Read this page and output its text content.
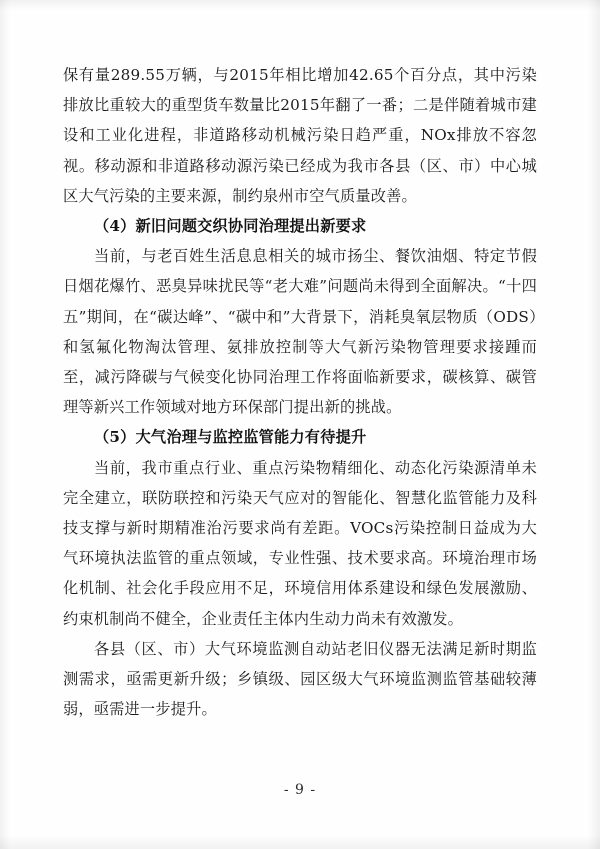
保有量289.55万辆，与2015年相比增加42.65个百分点，其中污染排放比重较大的重型货车数量比2015年翻了一番；二是伴随着城市建设和工业化进程，非道路移动机械污染日趋严重，NOx排放不容忽视。移动源和非道路移动源污染已经成为我市各县（区、市）中心城区大气污染的主要来源，制约泉州市空气质量改善。

（4）新旧问题交织协同治理提出新要求

当前，与老百姓生活息息相关的城市扬尘、餐饮油烟、特定节假日烟花爆竹、恶臭异味扰民等“老大难”问题尚未得到全面解决。“十四五”期间，在“碳达峰”、“碳中和”大背景下，消耗臭氧层物质（ODS）和氢氟化物淘汰管理、氨排放控制等大气新污染物管理要求接踵而至，减污降碳与气候变化协同治理工作将面临新要求，碳核算、碳管理等新兴工作领域对地方环保部门提出新的挑战。

（5）大气治理与监控监管能力有待提升

当前，我市重点行业、重点污染物精细化、动态化污染源清单未完全建立，联防联控和污染天气应对的智能化、智慧化监管能力及科技支撑与新时期精准治污要求尚有差距。VOCs污染控制日益成为大气环境执法监管的重点领域，专业性强、技术要求高。环境治理市场化机制、社会化手段应用不足，环境信用体系建设和绿色发展激励、约束机制尚不健全，企业责任主体内生动力尚未有效激发。

各县（区、市）大气环境监测自动站老旧仪器无法满足新时期监测需求，亟需更新升级；乡镇级、园区级大气环境监测监管基础较薄弱，亟需进一步提升。

- 9 -
